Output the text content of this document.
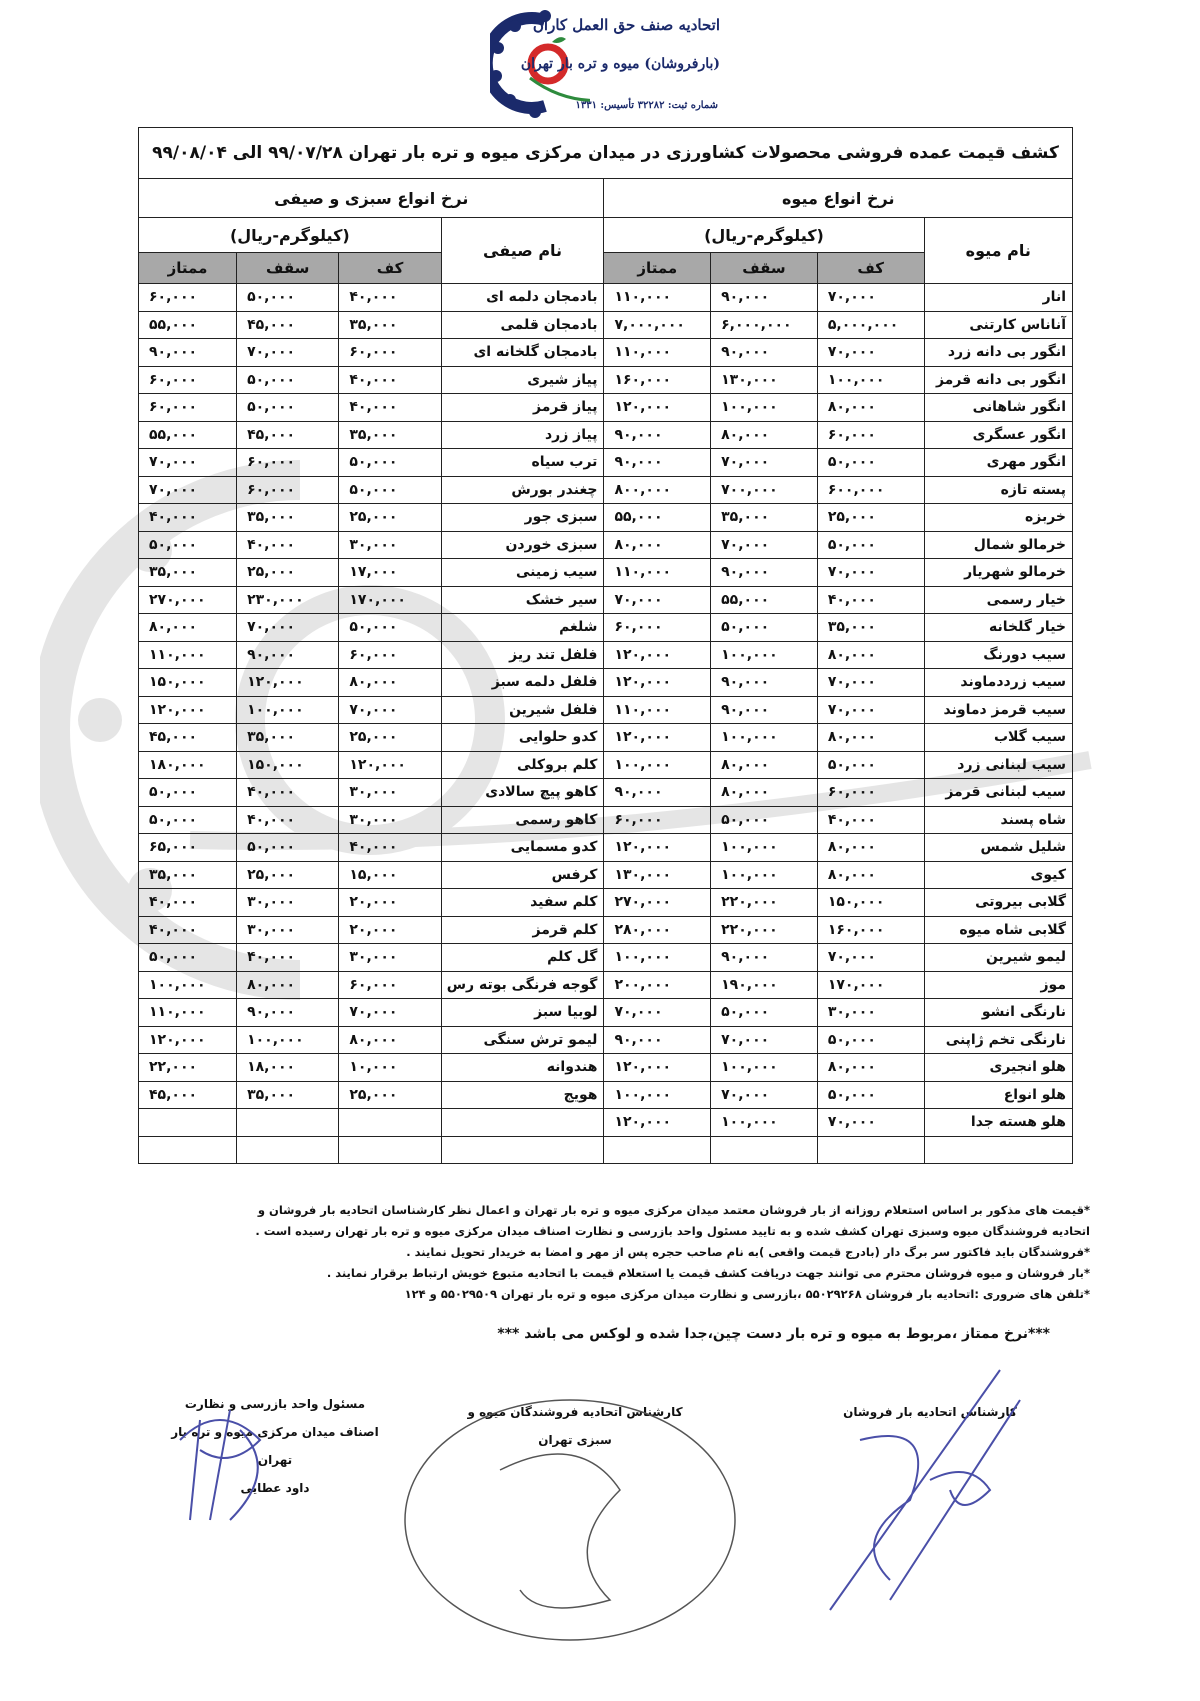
اتحادیه صنف حق العمل کاران
(بارفروشان) میوه و تره بار تهران
شماره ثبت: ۳۲۲۸۲ تأسیس: ۱۳۳۱
کشف قیمت عمده فروشی محصولات کشاورزی در میدان مرکزی میوه و تره بار تهران ۹۹/۰۷/۲۸ الی ۹۹/۰۸/۰۴							
نرخ انواع میوه				نرخ انواع سبزی و صیفی			
نام میوه	(کیلوگرم-ریال)			نام صیفی	(کیلوگرم-ریال)		
	کف	سقف	ممتاز		کف	سقف	ممتاز
انار	۷۰,۰۰۰	۹۰,۰۰۰	۱۱۰,۰۰۰	بادمجان دلمه ای	۴۰,۰۰۰	۵۰,۰۰۰	۶۰,۰۰۰
آناناس کارتنی	۵,۰۰۰,۰۰۰	۶,۰۰۰,۰۰۰	۷,۰۰۰,۰۰۰	بادمجان قلمی	۳۵,۰۰۰	۴۵,۰۰۰	۵۵,۰۰۰
انگور بی دانه زرد	۷۰,۰۰۰	۹۰,۰۰۰	۱۱۰,۰۰۰	بادمجان گلخانه ای	۶۰,۰۰۰	۷۰,۰۰۰	۹۰,۰۰۰
انگور بی دانه قرمز	۱۰۰,۰۰۰	۱۳۰,۰۰۰	۱۶۰,۰۰۰	پیاز شیری	۴۰,۰۰۰	۵۰,۰۰۰	۶۰,۰۰۰
انگور شاهانی	۸۰,۰۰۰	۱۰۰,۰۰۰	۱۲۰,۰۰۰	پیاز قرمز	۴۰,۰۰۰	۵۰,۰۰۰	۶۰,۰۰۰
انگور عسگری	۶۰,۰۰۰	۸۰,۰۰۰	۹۰,۰۰۰	پیاز زرد	۳۵,۰۰۰	۴۵,۰۰۰	۵۵,۰۰۰
انگور مهری	۵۰,۰۰۰	۷۰,۰۰۰	۹۰,۰۰۰	ترب سیاه	۵۰,۰۰۰	۶۰,۰۰۰	۷۰,۰۰۰
پسته تازه	۶۰۰,۰۰۰	۷۰۰,۰۰۰	۸۰۰,۰۰۰	چغندر بورش	۵۰,۰۰۰	۶۰,۰۰۰	۷۰,۰۰۰
خربزه	۲۵,۰۰۰	۳۵,۰۰۰	۵۵,۰۰۰	سبزی جور	۲۵,۰۰۰	۳۵,۰۰۰	۴۰,۰۰۰
خرمالو شمال	۵۰,۰۰۰	۷۰,۰۰۰	۸۰,۰۰۰	سبزی خوردن	۳۰,۰۰۰	۴۰,۰۰۰	۵۰,۰۰۰
خرمالو شهریار	۷۰,۰۰۰	۹۰,۰۰۰	۱۱۰,۰۰۰	سیب زمینی	۱۷,۰۰۰	۲۵,۰۰۰	۳۵,۰۰۰
خیار رسمی	۴۰,۰۰۰	۵۵,۰۰۰	۷۰,۰۰۰	سیر خشک	۱۷۰,۰۰۰	۲۳۰,۰۰۰	۲۷۰,۰۰۰
خیار گلخانه	۳۵,۰۰۰	۵۰,۰۰۰	۶۰,۰۰۰	شلغم	۵۰,۰۰۰	۷۰,۰۰۰	۸۰,۰۰۰
سیب دورنگ	۸۰,۰۰۰	۱۰۰,۰۰۰	۱۲۰,۰۰۰	فلفل تند ریز	۶۰,۰۰۰	۹۰,۰۰۰	۱۱۰,۰۰۰
سیب زرددماوند	۷۰,۰۰۰	۹۰,۰۰۰	۱۲۰,۰۰۰	فلفل دلمه سبز	۸۰,۰۰۰	۱۲۰,۰۰۰	۱۵۰,۰۰۰
سیب قرمز دماوند	۷۰,۰۰۰	۹۰,۰۰۰	۱۱۰,۰۰۰	فلفل شیرین	۷۰,۰۰۰	۱۰۰,۰۰۰	۱۲۰,۰۰۰
سیب گلاب	۸۰,۰۰۰	۱۰۰,۰۰۰	۱۲۰,۰۰۰	کدو حلوایی	۲۵,۰۰۰	۳۵,۰۰۰	۴۵,۰۰۰
سیب لبنانی زرد	۵۰,۰۰۰	۸۰,۰۰۰	۱۰۰,۰۰۰	کلم بروکلی	۱۲۰,۰۰۰	۱۵۰,۰۰۰	۱۸۰,۰۰۰
سیب لبنانی قرمز	۶۰,۰۰۰	۸۰,۰۰۰	۹۰,۰۰۰	کاهو پیچ سالادی	۳۰,۰۰۰	۴۰,۰۰۰	۵۰,۰۰۰
شاه پسند	۴۰,۰۰۰	۵۰,۰۰۰	۶۰,۰۰۰	کاهو رسمی	۳۰,۰۰۰	۴۰,۰۰۰	۵۰,۰۰۰
شلیل شمس	۸۰,۰۰۰	۱۰۰,۰۰۰	۱۲۰,۰۰۰	کدو مسمایی	۴۰,۰۰۰	۵۰,۰۰۰	۶۵,۰۰۰
کیوی	۸۰,۰۰۰	۱۰۰,۰۰۰	۱۳۰,۰۰۰	کرفس	۱۵,۰۰۰	۲۵,۰۰۰	۳۵,۰۰۰
گلابی بیروتی	۱۵۰,۰۰۰	۲۲۰,۰۰۰	۲۷۰,۰۰۰	کلم سفید	۲۰,۰۰۰	۳۰,۰۰۰	۴۰,۰۰۰
گلابی شاه میوه	۱۶۰,۰۰۰	۲۲۰,۰۰۰	۲۸۰,۰۰۰	کلم قرمز	۲۰,۰۰۰	۳۰,۰۰۰	۴۰,۰۰۰
لیمو شیرین	۷۰,۰۰۰	۹۰,۰۰۰	۱۰۰,۰۰۰	گل کلم	۳۰,۰۰۰	۴۰,۰۰۰	۵۰,۰۰۰
موز	۱۷۰,۰۰۰	۱۹۰,۰۰۰	۲۰۰,۰۰۰	گوجه فرنگی بوته رس	۶۰,۰۰۰	۸۰,۰۰۰	۱۰۰,۰۰۰
نارنگی انشو	۳۰,۰۰۰	۵۰,۰۰۰	۷۰,۰۰۰	لوبیا سبز	۷۰,۰۰۰	۹۰,۰۰۰	۱۱۰,۰۰۰
نارنگی تخم ژاپنی	۵۰,۰۰۰	۷۰,۰۰۰	۹۰,۰۰۰	لیمو ترش سنگی	۸۰,۰۰۰	۱۰۰,۰۰۰	۱۲۰,۰۰۰
هلو انجیری	۸۰,۰۰۰	۱۰۰,۰۰۰	۱۲۰,۰۰۰	هندوانه	۱۰,۰۰۰	۱۸,۰۰۰	۲۲,۰۰۰
هلو انواع	۵۰,۰۰۰	۷۰,۰۰۰	۱۰۰,۰۰۰	هویج	۲۵,۰۰۰	۳۵,۰۰۰	۴۵,۰۰۰
هلو هسته جدا	۷۰,۰۰۰	۱۰۰,۰۰۰	۱۲۰,۰۰۰				

*قیمت های مذکور بر اساس استعلام روزانه از بار فروشان معتمد میدان مرکزی میوه و تره بار تهران و اعمال نظر کارشناسان اتحادیه بار فروشان و

اتحادیه فروشندگان میوه وسبزی تهران کشف شده و به تایید مسئول واحد بازرسی و نظارت اصناف میدان مرکزی میوه و تره بار تهران رسیده است .

*فروشندگان باید فاکتور سر برگ دار (بادرج قیمت واقعی )به نام صاحب حجره پس از مهر و امضا به خریدار تحویل نمایند .

*بار فروشان و میوه فروشان محترم می توانند جهت دریافت کشف قیمت یا استعلام قیمت با اتحادیه متبوع خویش ارتباط برقرار نمایند .

*تلفن های ضروری :اتحادیه بار فروشان ۵۵۰۲۹۲۶۸ ،بازرسی و نظارت میدان مرکزی میوه و تره بار تهران ۵۵۰۲۹۵۰۹ و ۱۲۴

***نرخ ممتاز ،مربوط به میوه و تره بار دست چین،جدا شده و لوکس می باشد ***
مسئول واحد بازرسی و نظارت
اصناف میدان مرکزی میوه و تره بار تهران
داود عطایی
کارشناس اتحادیه فروشندگان میوه و سبزی تهران
کارشناس اتحادیه بار فروشان
